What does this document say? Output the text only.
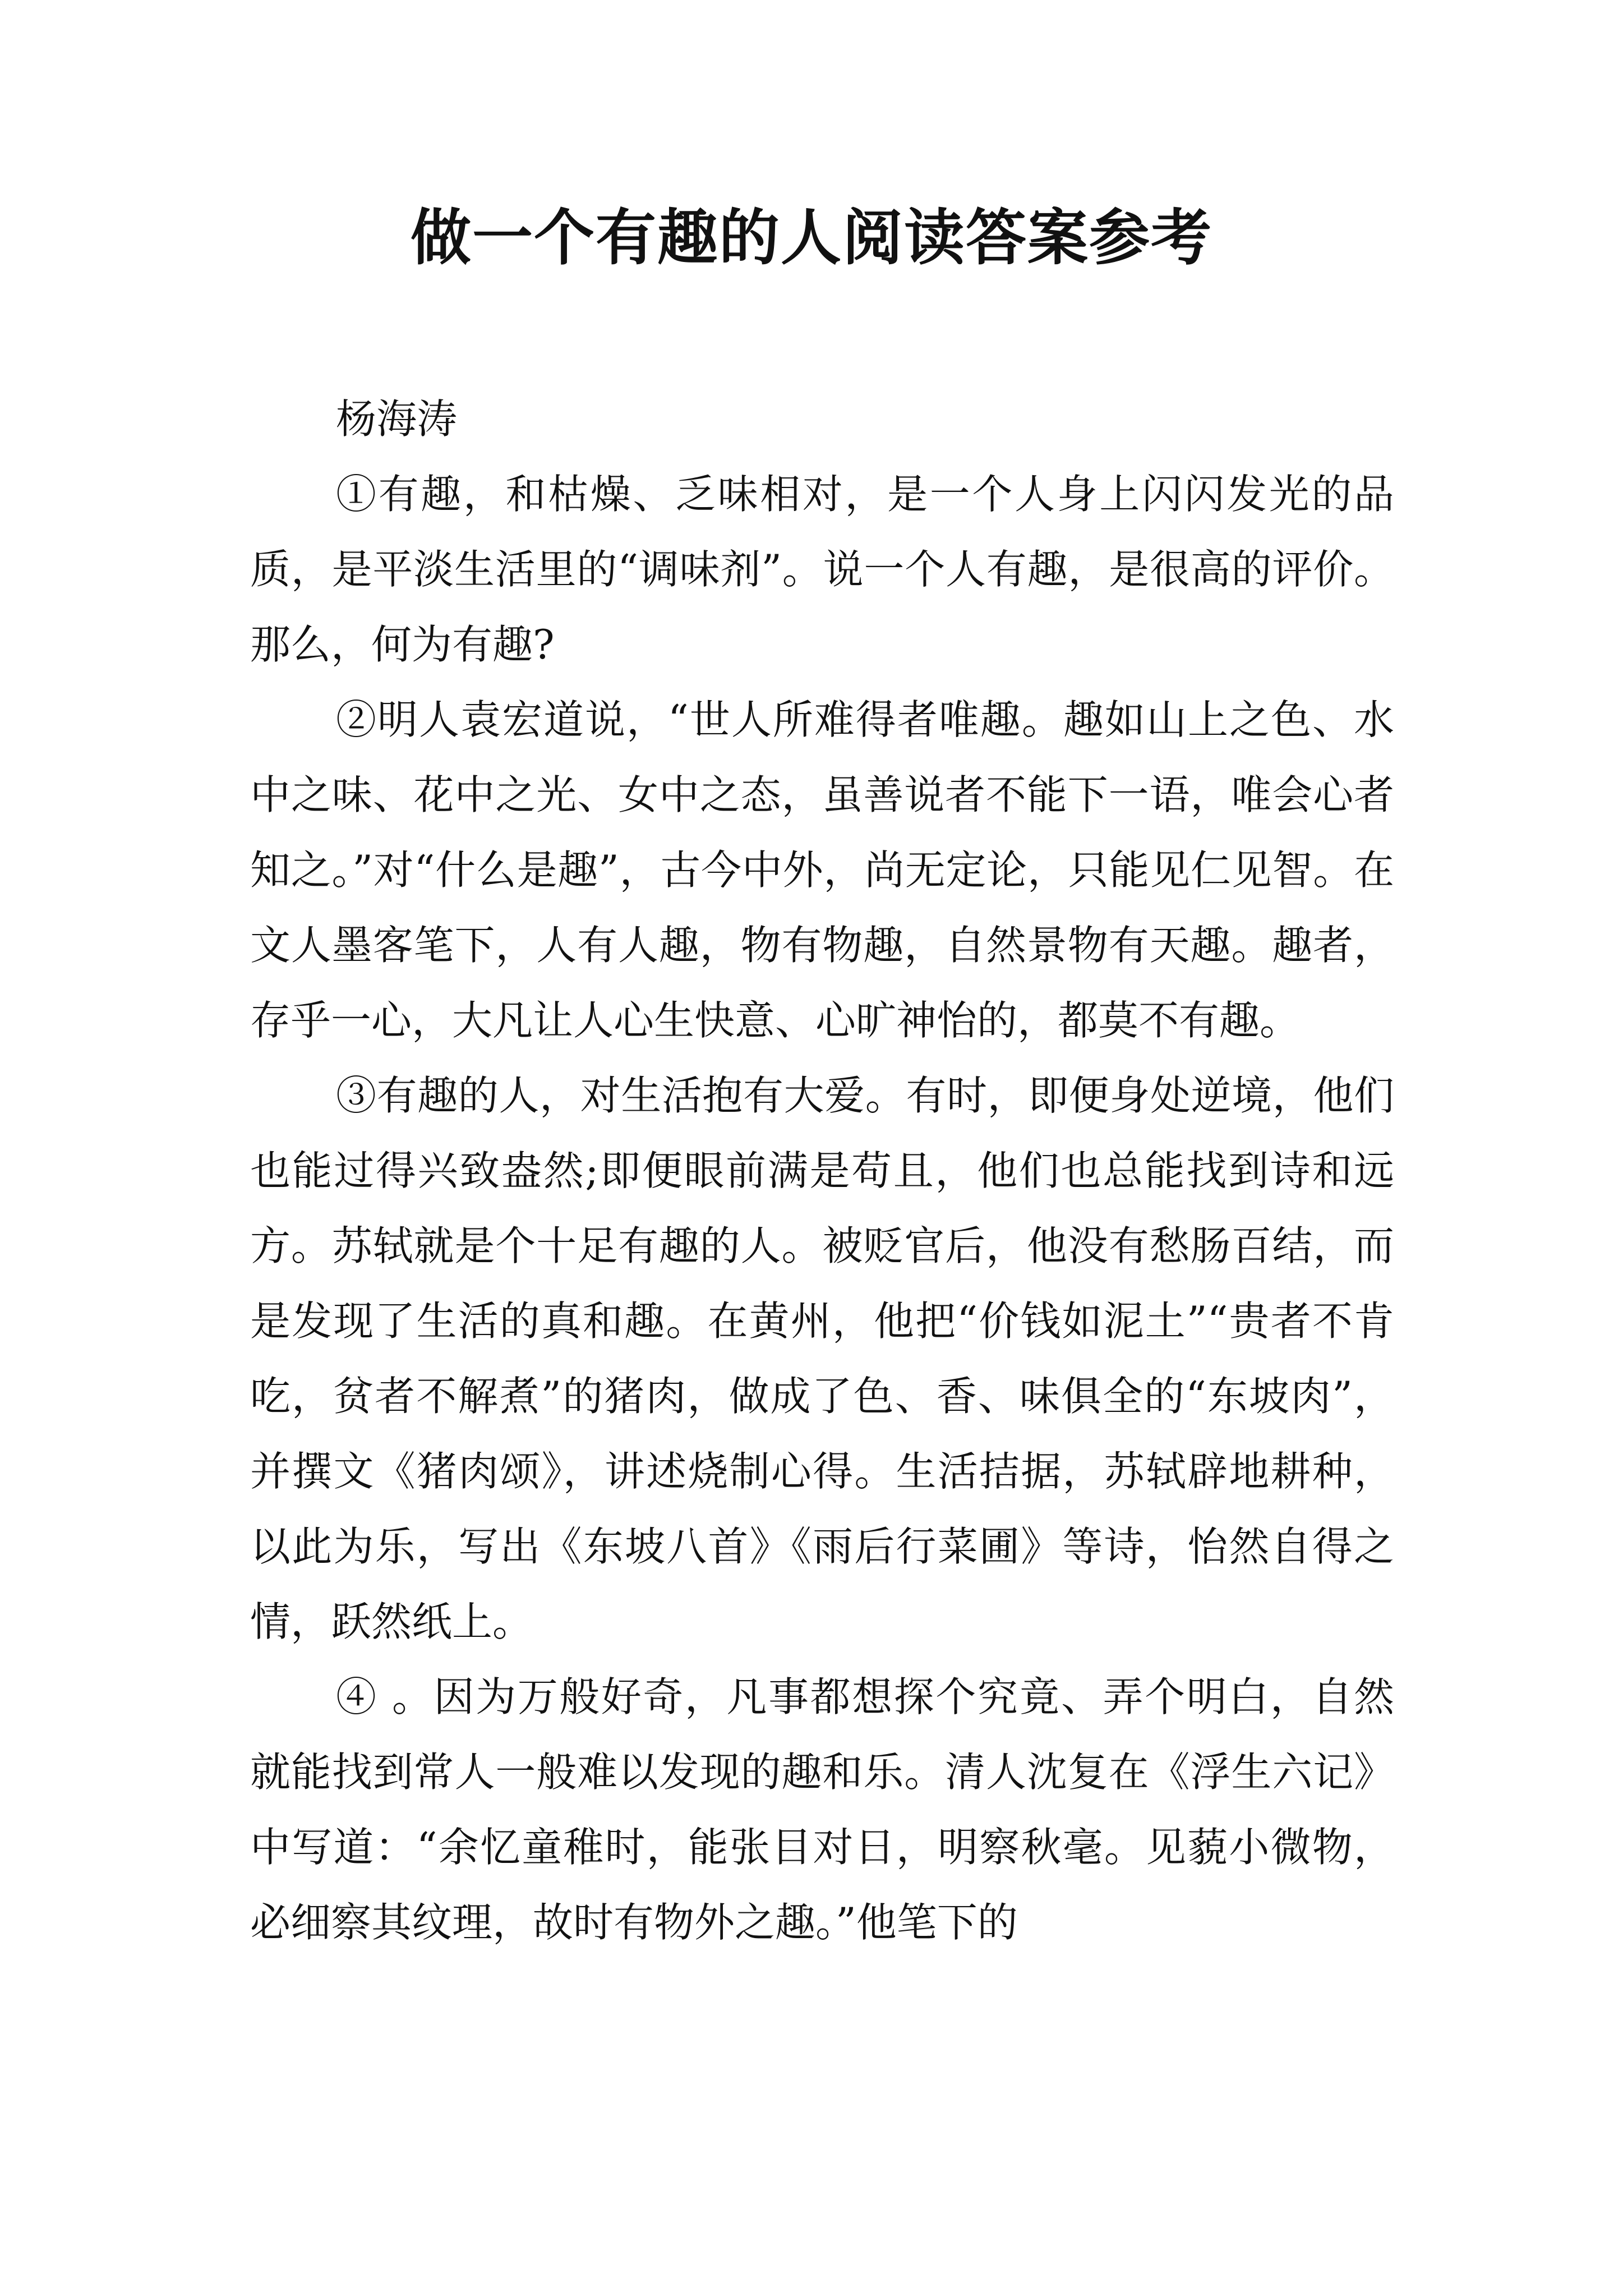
做一个有趣的人阅读答案参考

杨海涛

①有趣，和枯燥、乏味相对，是一个人身上闪闪发光的品质，是平淡生活里的“调味剂”。说一个人有趣，是很高的评价。那么，何为有趣?

②明人袁宏道说，“世人所难得者唯趣。趣如山上之色、水中之味、花中之光、女中之态，虽善说者不能下一语，唯会心者知之。”对“什么是趣”，古今中外，尚无定论，只能见仁见智。在文人墨客笔下，人有人趣，物有物趣，自然景物有天趣。趣者，存乎一心，大凡让人心生快意、心旷神怡的，都莫不有趣。

③有趣的人，对生活抱有大爱。有时，即便身处逆境，他们也能过得兴致盎然;即便眼前满是苟且，他们也总能找到诗和远方。苏轼就是个十足有趣的人。被贬官后，他没有愁肠百结，而是发现了生活的真和趣。在黄州，他把“价钱如泥土”“贵者不肯吃，贫者不解煮”的猪肉，做成了色、香、味俱全的“东坡肉”，并撰文《猪肉颂》，讲述烧制心得。生活拮据，苏轼辟地耕种，以此为乐，写出《东坡八首》《雨后行菜圃》等诗，怡然自得之情，跃然纸上。

④ 。因为万般好奇，凡事都想探个究竟、弄个明白，自然就能找到常人一般难以发现的趣和乐。清人沈复在《浮生六记》中写道：“余忆童稚时，能张目对日，明察秋毫。见藐小微物，必细察其纹理，故时有物外之趣。”他笔下的
